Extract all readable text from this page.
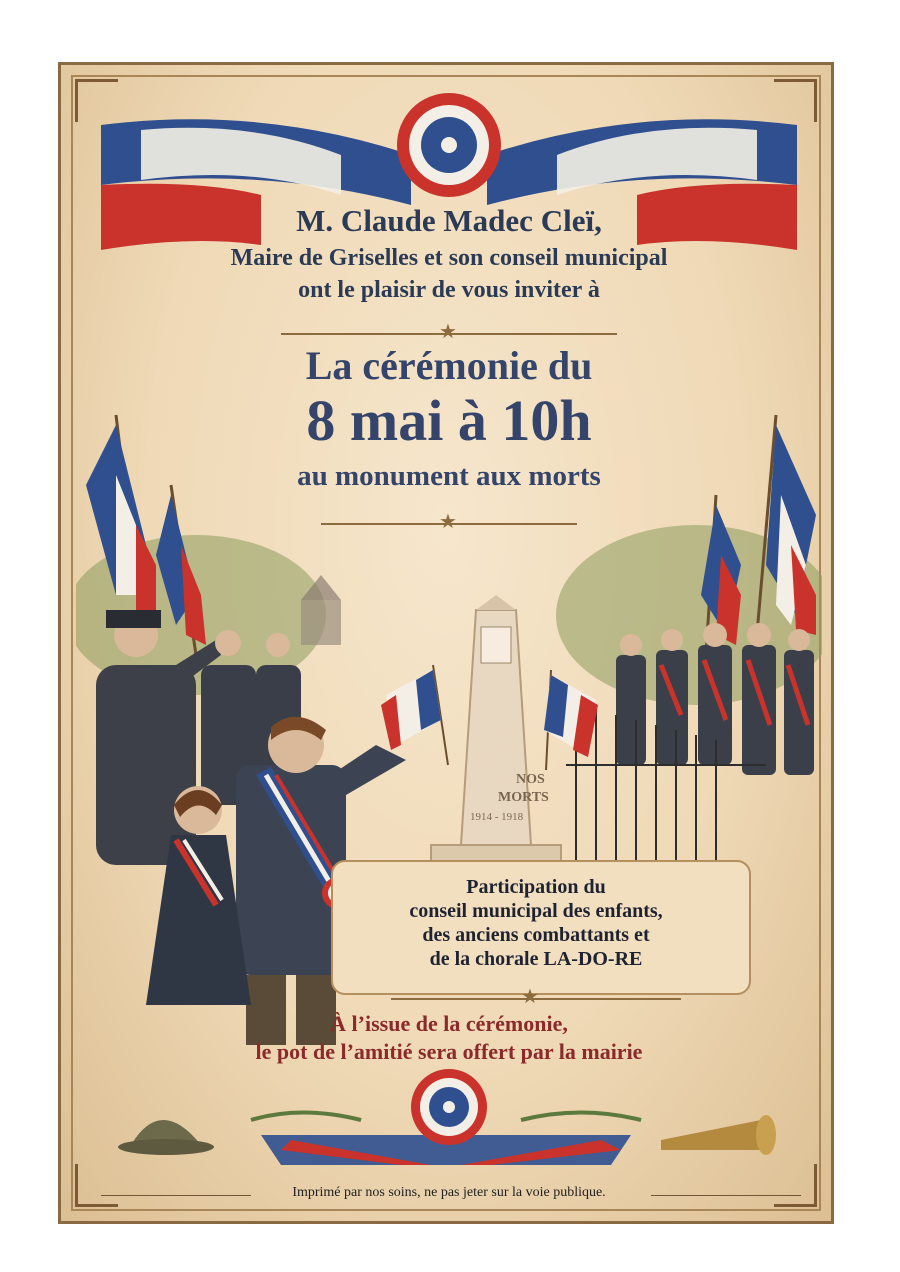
M. Claude Madec Cleï,
Maire de Griselles et son conseil municipal
ont le plaisir de vous inviter à
★
La cérémonie du
8 mai à 10h
au monument aux morts
★
NOS
MORTS
1914 - 1918
Participation du
conseil municipal des enfants,
des anciens combattants et
de la chorale LA-DO-RE
★
À l’issue de la cérémonie,
le pot de l’amitié sera offert par la mairie
Imprimé par nos soins, ne pas jeter sur la voie publique.
